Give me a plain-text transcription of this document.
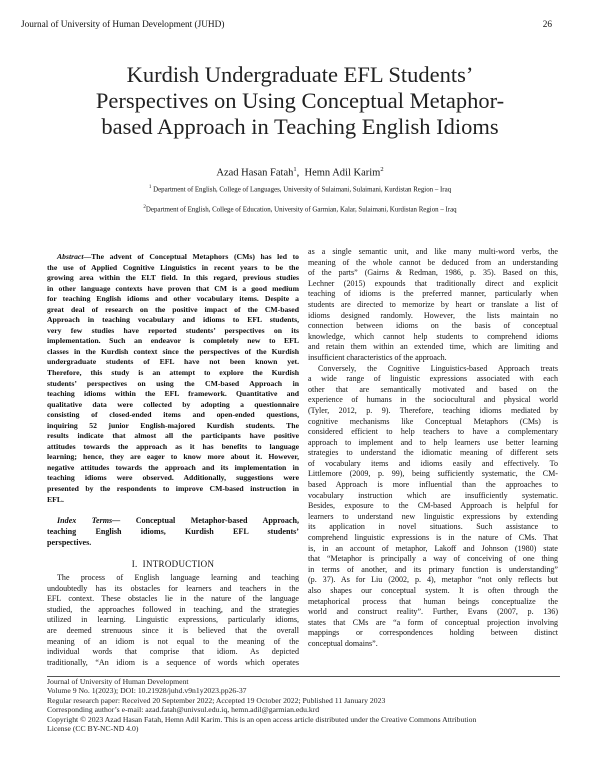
Journal of University of Human Development (JUHD)	26
Kurdish Undergraduate EFL Students’
Perspectives on Using Conceptual Metaphor-
based Approach in Teaching English Idioms
Azad Hasan Fatah$^1$,  Hemn Adil Karim$^2$
$^1$ Department of English, College of Languages, University of Sulaimani, Sulaimani, Kurdistan Region – Iraq
$^2$Department of English, College of Education, University of Garmian, Kalar, Sulaimani, Kurdistan Region – Iraq
Abstract—The advent of Conceptual Metaphors (CMs) has led to
the use of Applied Cognitive Linguistics in recent years to be the
growing area within the ELT field. In this regard, previous studies
in other language contexts have proven that CM is a good medium
for teaching English idioms and other vocabulary items. Despite a
great deal of research on the positive impact of the CM-based
Approach in teaching vocabulary and idioms to EFL students,
very few studies have reported students’ perspectives on its
implementation. Such an endeavor is completely new to EFL
classes in the Kurdish context since the perspectives of the Kurdish
undergraduate students of EFL have not been known yet.
Therefore, this study is an attempt to explore the Kurdish
students’ perspectives on using the CM-based Approach in
teaching idioms within the EFL framework. Quantitative and
qualitative data were collected by adopting a questionnaire
consisting of closed-ended items and open-ended questions,
inquiring 52 junior English-majored Kurdish students. The
results indicate that almost all the participants have positive
attitudes towards the approach as it has benefits to language
learning; hence, they are eager to know more about it. However,
negative attitudes towards the approach and its implementation in
teaching idioms were observed. Additionally, suggestions were
presented by the respondents to improve CM-based instruction in
EFL.
Index Terms— Conceptual Metaphor-based Approach,
teaching English idioms, Kurdish EFL students’
perspectives.
I.  INTRODUCTION
The process of English language learning and teaching
undoubtedly has its obstacles for learners and teachers in the
EFL context. These obstacles lie in the nature of the language
studied, the approaches followed in teaching, and the strategies
utilized in learning. Linguistic expressions, particularly idioms,
are deemed strenuous since it is believed that the overall
meaning of an idiom is not equal to the meaning of the
individual words that comprise that idiom. As depicted
traditionally, “An idiom is a sequence of words which operates
as a single semantic unit, and like many multi-word verbs, the
meaning of the whole cannot be deduced from an understanding
of the parts” (Gairns & Redman, 1986, p. 35). Based on this,
Lechner (2015) expounds that traditionally direct and explicit
teaching of idioms is the preferred manner, particularly when
students are directed to memorize by heart or translate a list of
idioms designed randomly. However, the lists maintain no
connection between idioms on the basis of conceptual
knowledge, which cannot help students to comprehend idioms
and retain them within an extended time, which are limiting and
insufficient characteristics of the approach.
Conversely, the Cognitive Linguistics-based Approach treats
a wide range of linguistic expressions associated with each
other that are semantically motivated and based on the
experience of humans in the sociocultural and physical world
(Tyler, 2012, p. 9). Therefore, teaching idioms mediated by
cognitive mechanisms like Conceptual Metaphors (CMs) is
considered efficient to help teachers to have a complementary
approach to implement and to help learners use better learning
strategies to understand the idiomatic meaning of different sets
of vocabulary items and idioms easily and effectively. To
Littlemore (2009, p. 99), being sufficiently systematic, the CM-
based Approach is more influential than the approaches to
vocabulary instruction which are insufficiently systematic.
Besides, exposure to the CM-based Approach is helpful for
learners to understand new linguistic expressions by extending
its application in novel situations. Such assistance to
comprehend linguistic expressions is in the nature of CMs. That
is, in an account of metaphor, Lakoff and Johnson (1980) state
that “Metaphor is principally a way of conceiving of one thing
in terms of another, and its primary function is understanding”
(p. 37). As for Liu (2002, p. 4), metaphor “not only reflects but
also shapes our conceptual system. It is often through the
metaphorical process that human beings conceptualize the
world and construct reality”. Further, Evans (2007, p. 136)
states that CMs are “a form of conceptual projection involving
mappings or correspondences holding between distinct
conceptual domains”.
Journal of University of Human Development
Volume 9 No. 1(2023); DOI: 10.21928/juhd.v9n1y2023.pp26-37
Regular research paper: Received 20 September 2022; Accepted 19 October 2022; Published 11 January 2023
Corresponding author’s e-mail: azad.fatah@univsul.edu.iq, hemn.adil@garmian.edu.krd
Copyright © 2023 Azad Hasan Fatah, Hemn Adil Karim. This is an open access article distributed under the Creative Commons Attribution
License (CC BY-NC-ND 4.0)
